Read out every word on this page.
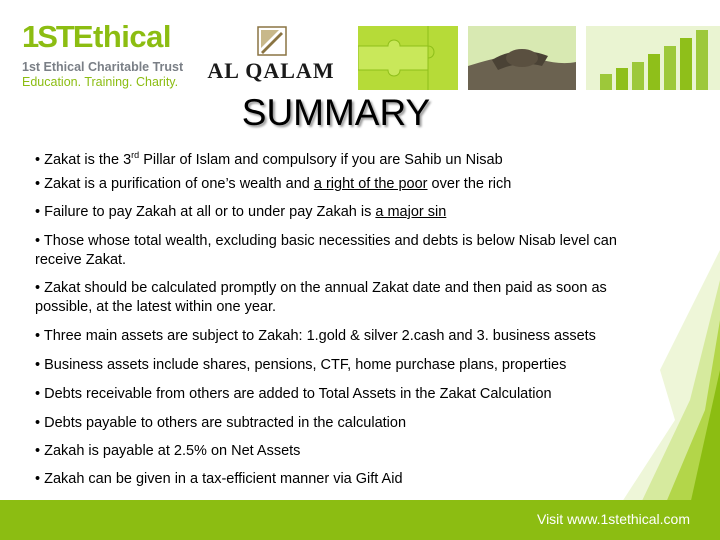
1STEthical
1st Ethical Charitable Trust
Education. Training. Charity.	AL QALAM
SUMMARY

• Zakat is the 3rd Pillar of Islam and compulsory if you are Sahib un Nisab

• Zakat is a purification of one’s wealth and a right of the poor over the rich

• Failure to pay Zakah at all or to under pay Zakah is a major sin

• Those whose total wealth, excluding basic necessities and debts is below Nisab level can receive Zakat.

• Zakat should be calculated promptly on the annual Zakat date and then paid as soon as possible, at the latest within one year.

• Three main assets are subject to Zakah: 1.gold & silver 2.cash and 3. business assets

• Business assets include shares, pensions, CTF, home purchase plans, properties

• Debts receivable from others are added to Total Assets in the Zakat Calculation

• Debts payable to others are subtracted in the calculation

• Zakah is payable at 2.5% on Net Assets

• Zakah can be given in a tax-efficient manner via Gift Aid

Visit www.1stethical.com
